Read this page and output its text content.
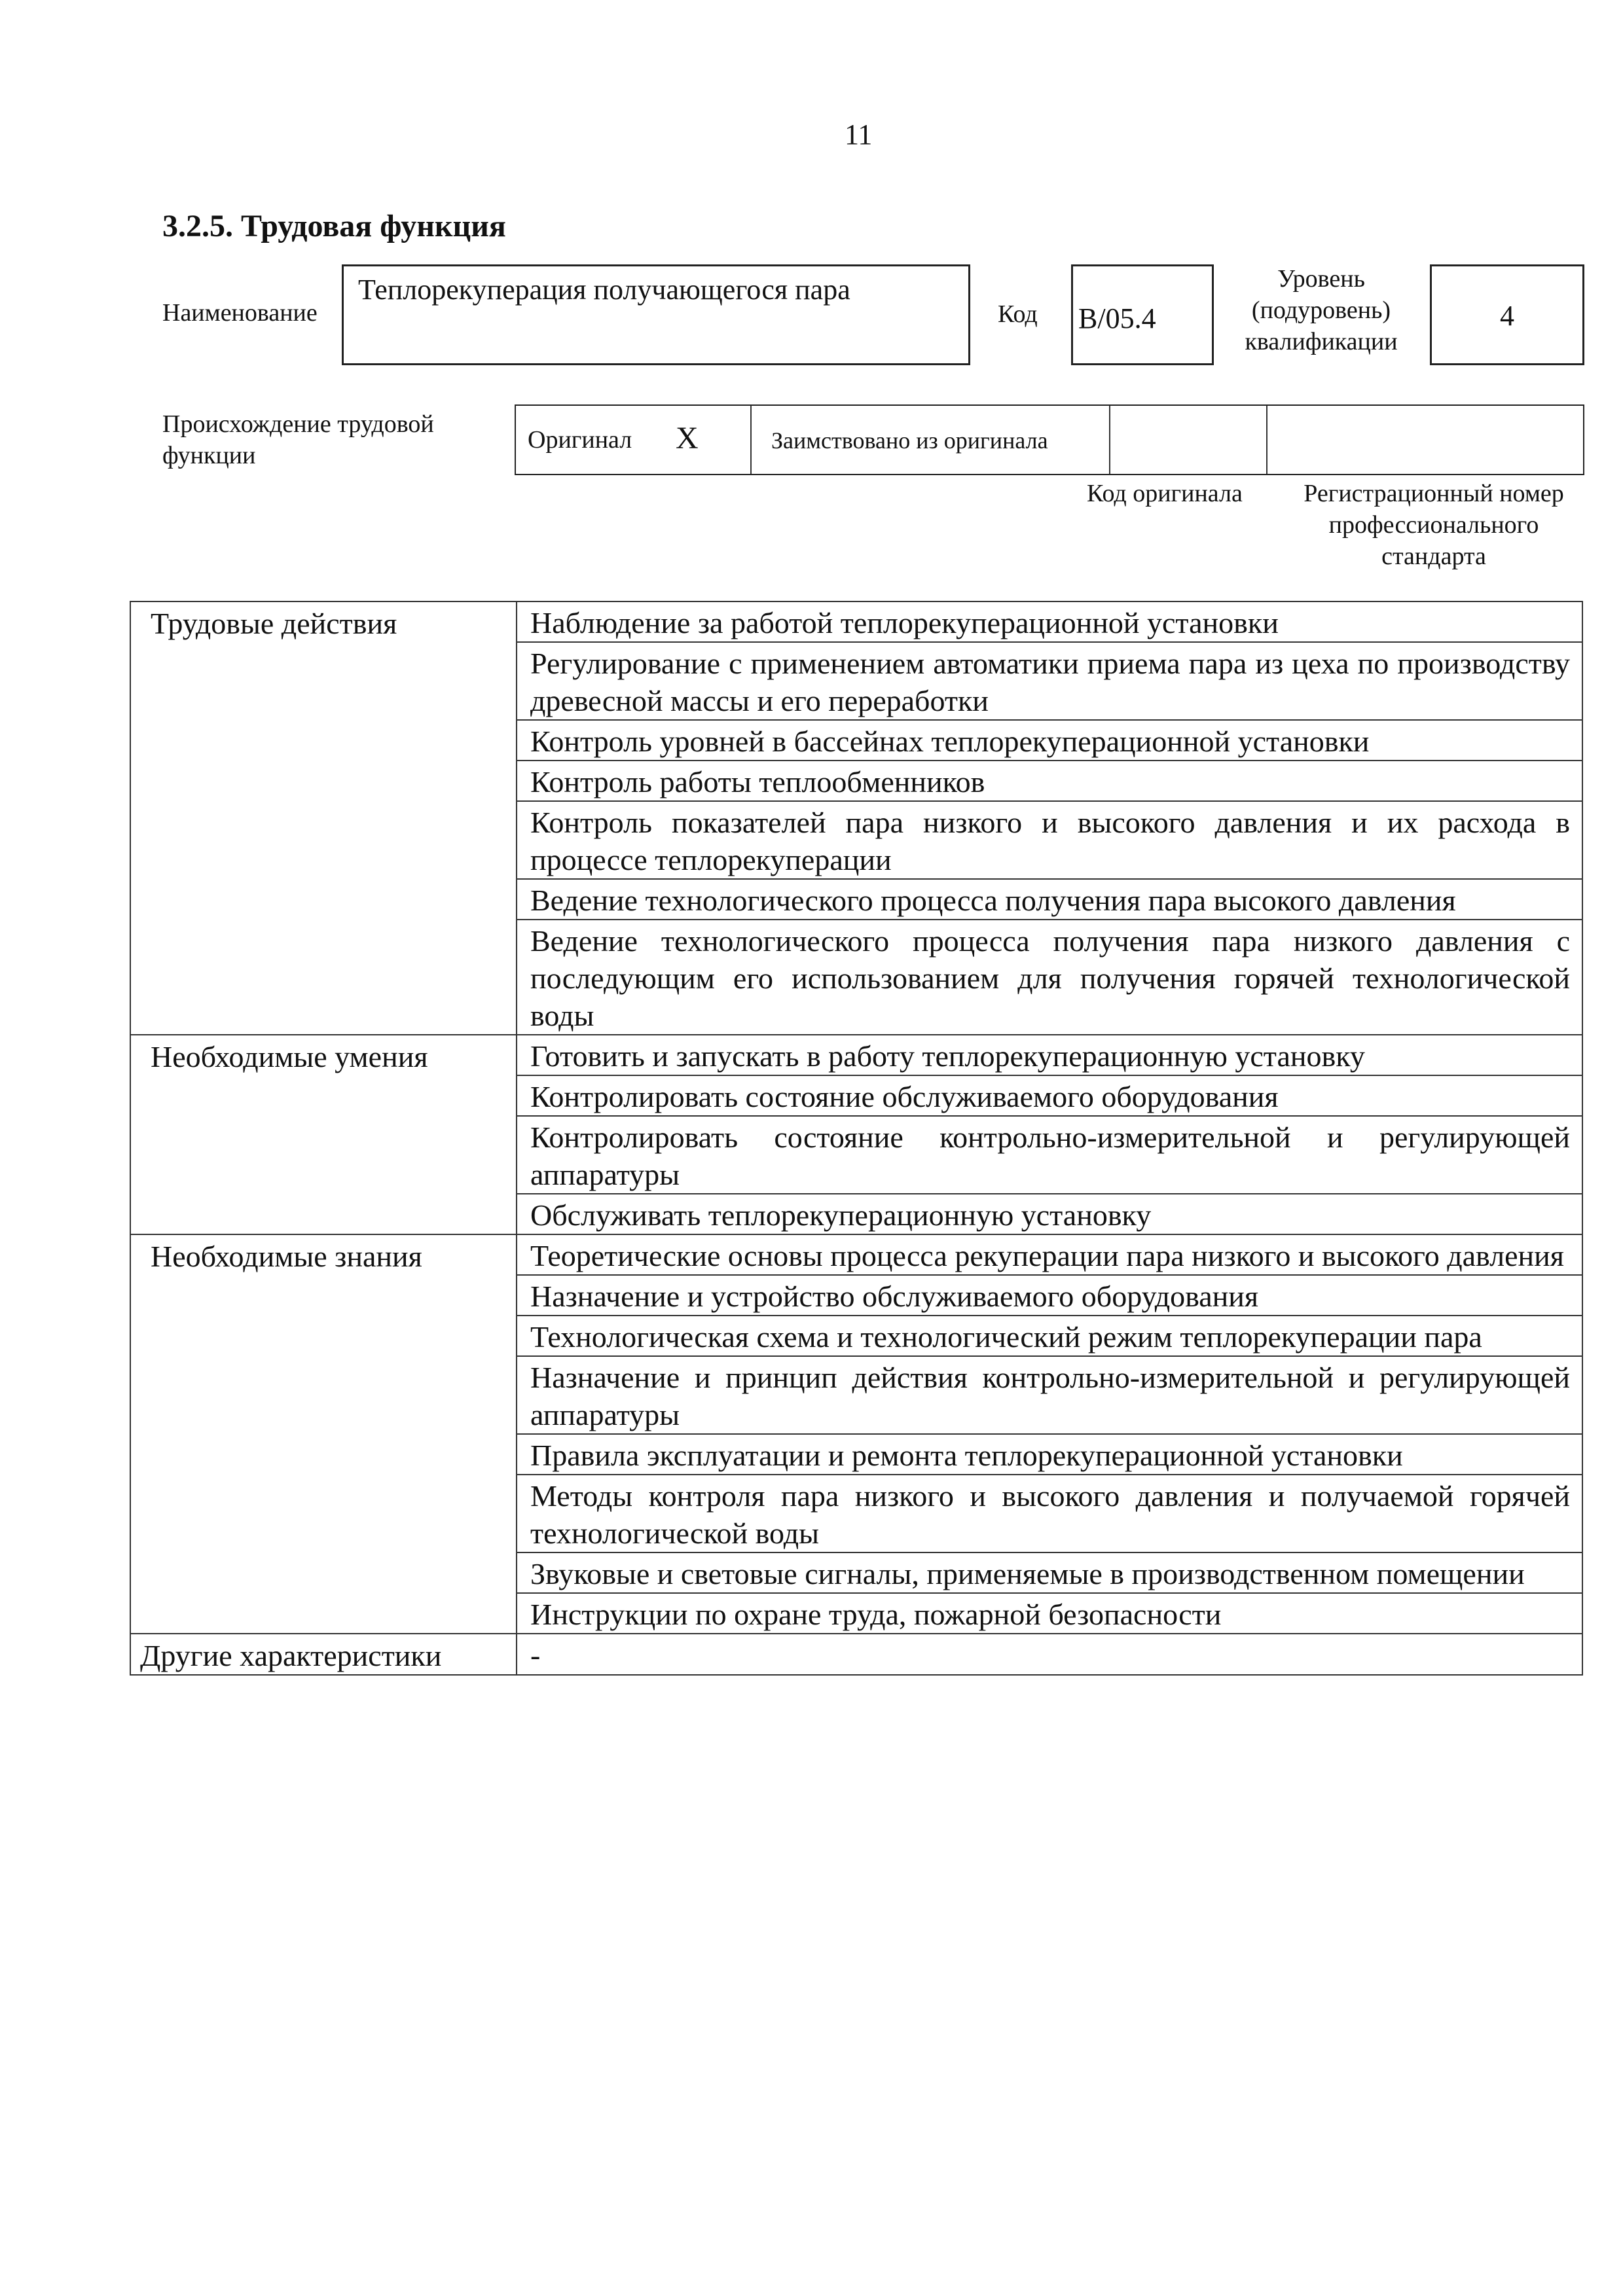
11
3.2.5. Трудовая функция
Наименование
Теплорекуперация получающегося пара
Код B/05.4
Уровень
(подуровень)
квалификации
4
Происхождение трудовой
функции
Оригинал X	Заимствовано из оригинала
Код оригинала	Регистрационный номер
профессионального
стандарта
Трудовые действия	Наблюдение за работой теплорекуперационной установки
	Регулирование с применением автоматики приема пара из цеха по производству древесной массы и его переработки
	Контроль уровней в бассейнах теплорекуперационной установки
	Контроль работы теплообменников
	Контроль показателей пара низкого и высокого давления и их расхода в процессе теплорекуперации
	Ведение технологического процесса получения пара высокого давления
	Ведение технологического процесса получения пара низкого давления с последующим его использованием для получения горячей технологической воды
Необходимые умения	Готовить и запускать в работу теплорекуперационную установку
	Контролировать состояние обслуживаемого оборудования
	Контролировать состояние контрольно-измерительной и регулирующей аппаратуры
	Обслуживать теплорекуперационную установку
Необходимые знания	Теоретические основы процесса рекуперации пара низкого и высокого давления
	Назначение и устройство обслуживаемого оборудования
	Технологическая схема и технологический режим теплорекуперации пара
	Назначение и принцип действия контрольно-измерительной и регулирующей аппаратуры
	Правила эксплуатации и ремонта теплорекуперационной установки
	Методы контроля пара низкого и высокого давления и получаемой горячей технологической воды
	Звуковые и световые сигналы, применяемые в производственном помещении
	Инструкции по охране труда, пожарной безопасности
Другие характеристики	-
